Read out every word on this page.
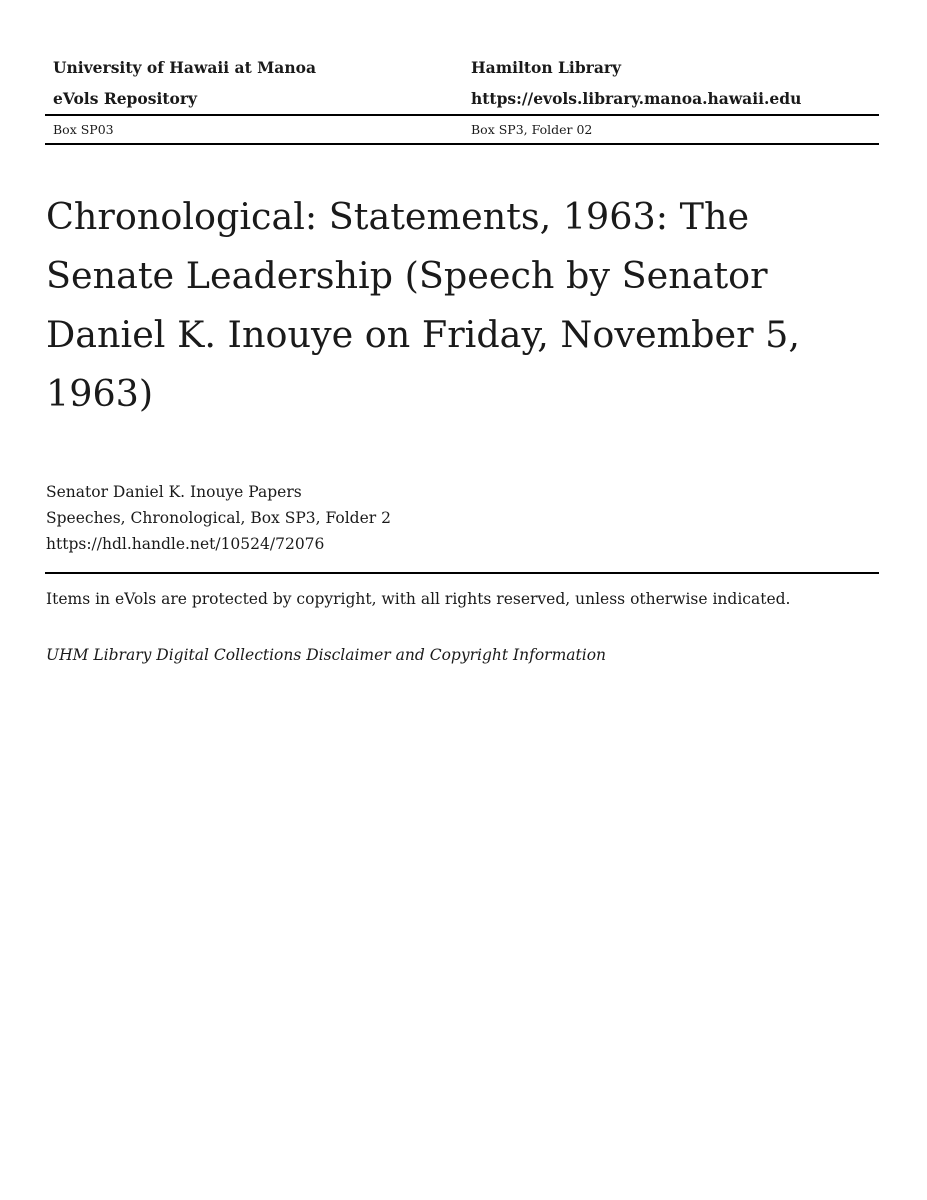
University of Hawaii at Manoa
eVols Repository
Hamilton Library
https://evols.library.manoa.hawaii.edu
Box SP03	Box SP3, Folder 02
Chronological: Statements, 1963: The Senate Leadership (Speech by Senator Daniel K. Inouye on Friday, November 5, 1963)
Senator Daniel K. Inouye Papers
Speeches, Chronological, Box SP3, Folder 2
https://hdl.handle.net/10524/72076
Items in eVols are protected by copyright, with all rights reserved, unless otherwise indicated.
UHM Library Digital Collections Disclaimer and Copyright Information
